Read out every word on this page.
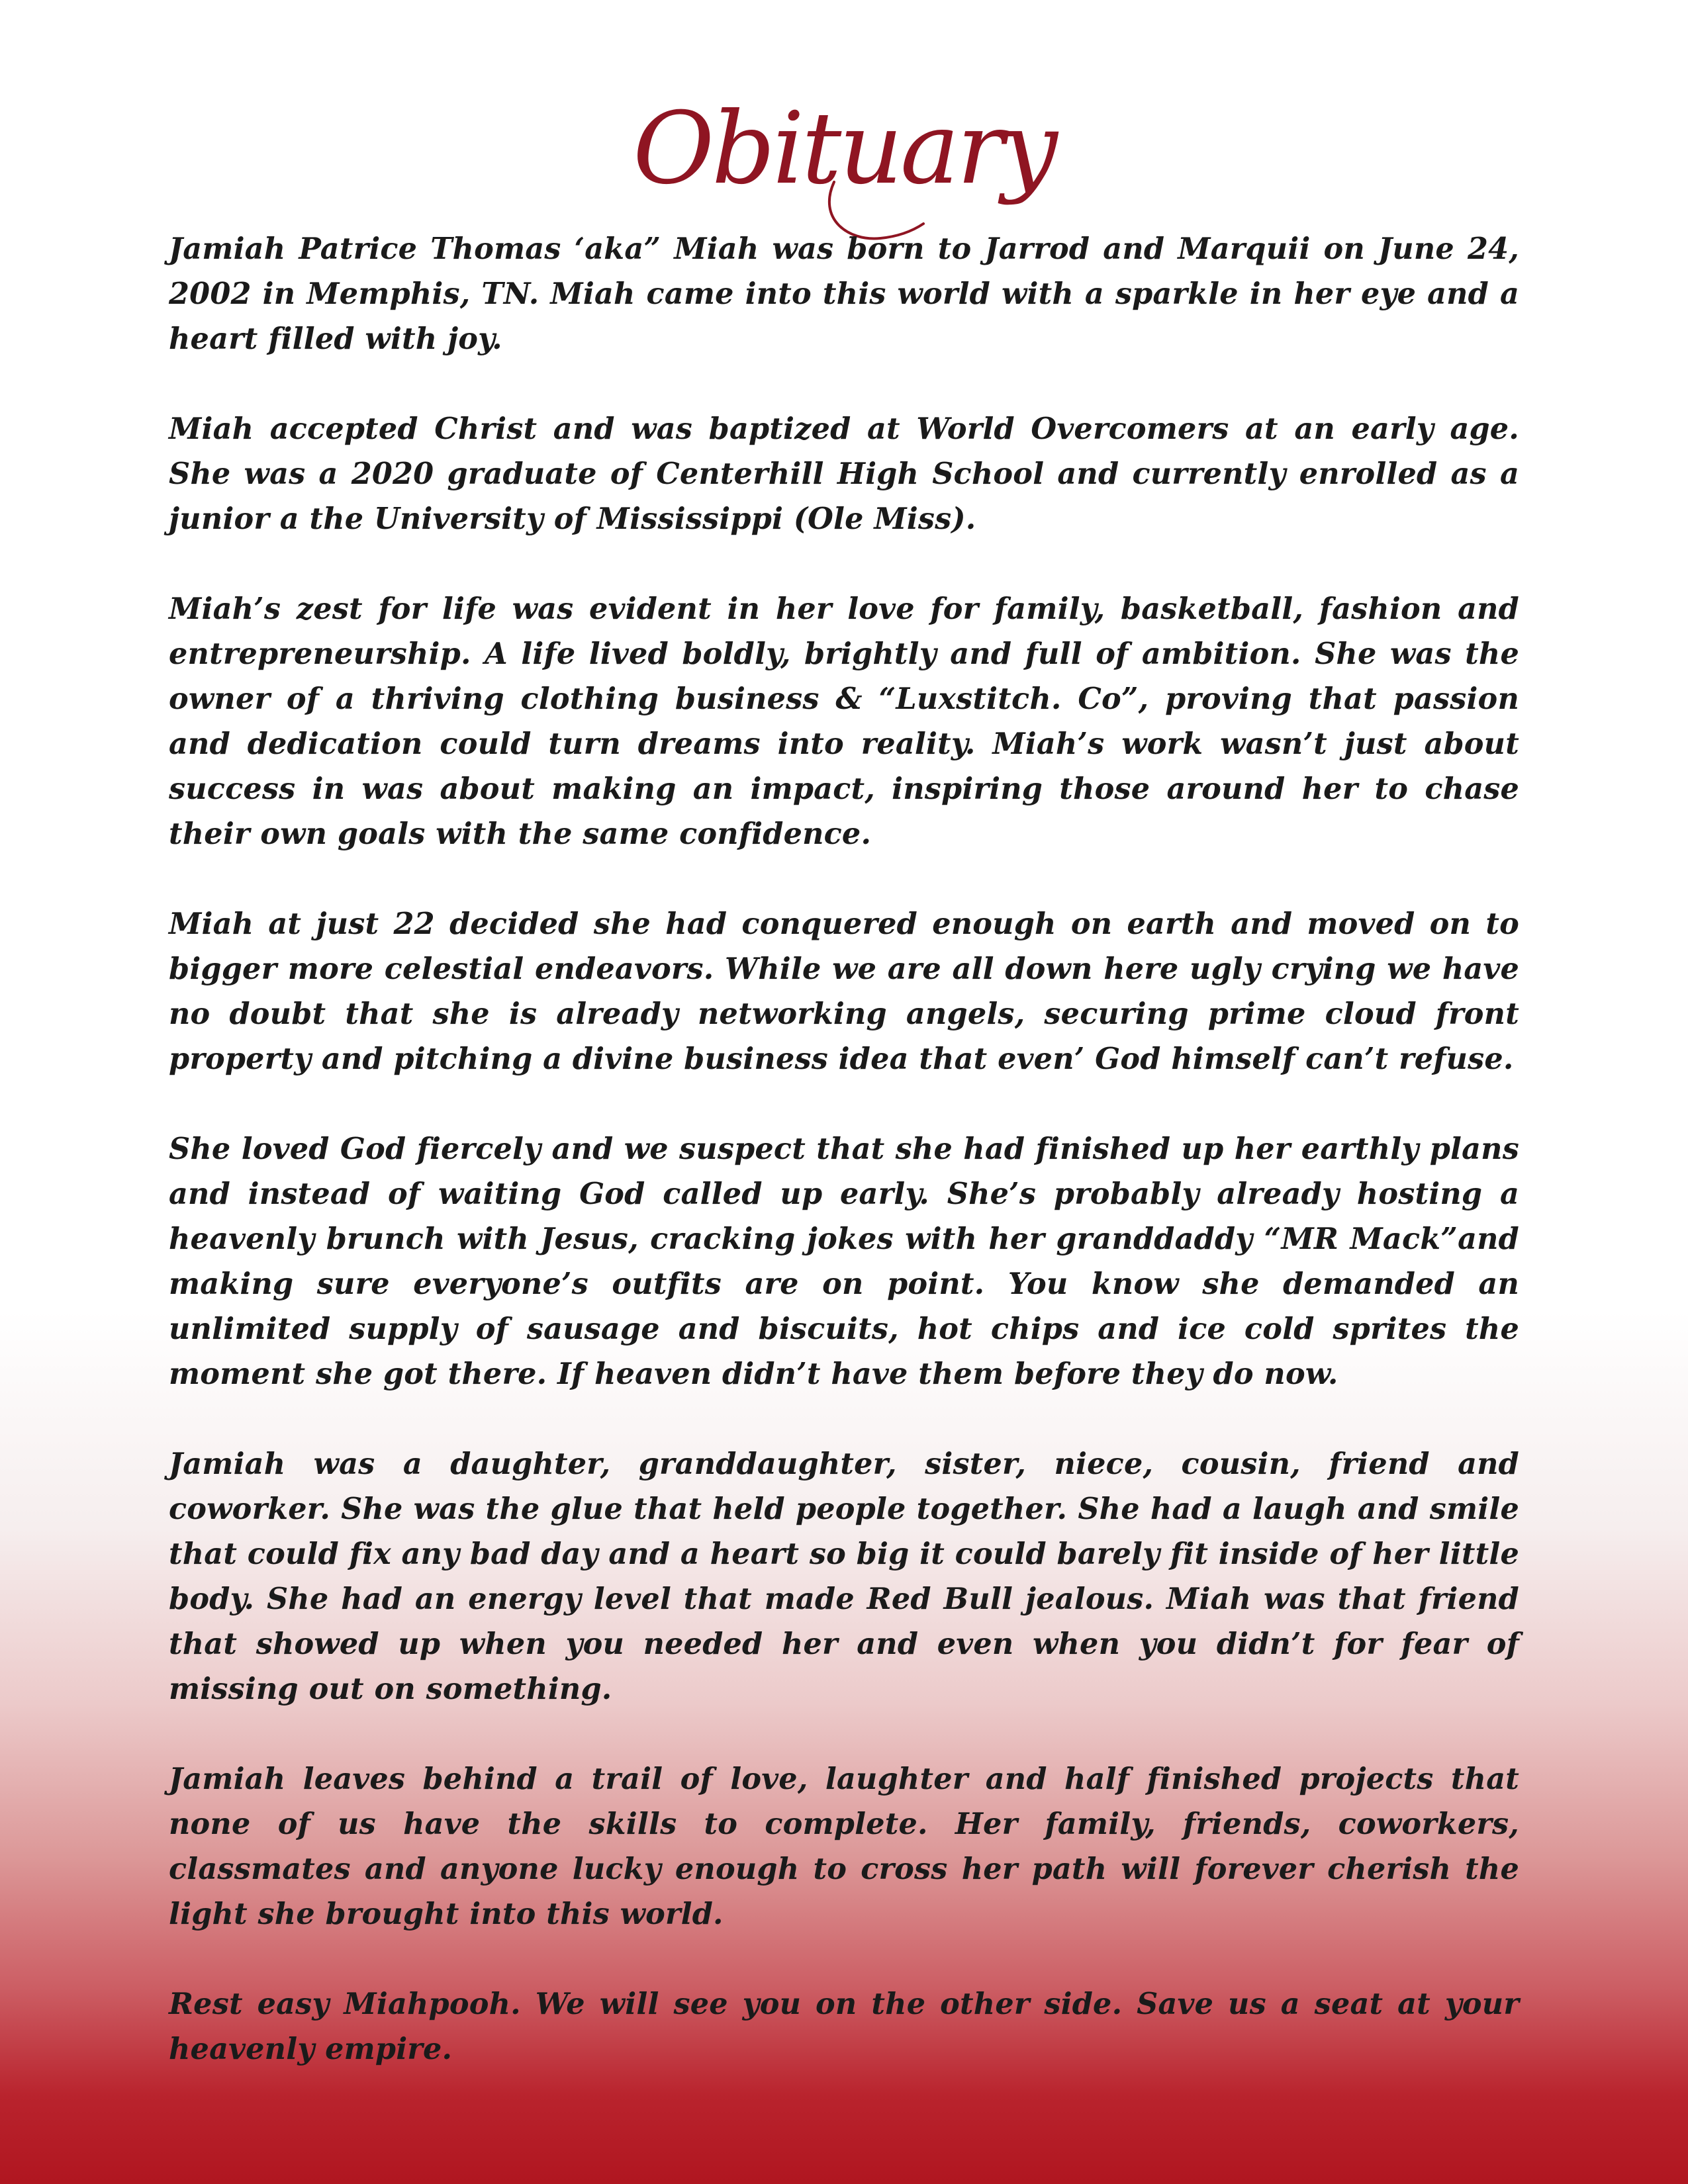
Obituary

Jamiah Patrice Thomas ‘aka” Miah was born to Jarrod and Marquii on June 24, 2002 in Memphis, TN. Miah came into this world with a sparkle in her eye and a heart filled with joy.

Miah accepted Christ and was baptized at World Overcomers at an early age. She was a 2020 graduate of Centerhill High School and currently enrolled as a junior a the University of Mississippi (Ole Miss).

Miah’s zest for life was evident in her love for family, basketball, fashion and entrepreneurship. A life lived boldly, brightly and full of ambition. She was the owner of a thriving clothing business & “Luxstitch. Co”, proving that passion and dedication could turn dreams into reality. Miah’s work wasn’t just about success in was about making an impact, inspiring those around her to chase their own goals with the same confidence.

Miah at just 22 decided she had conquered enough on earth and moved on to bigger more celestial endeavors. While we are all down here ugly crying we have no doubt that she is already networking angels, securing prime cloud front property and pitching a divine business idea that even’ God himself can’t refuse.

She loved God fiercely and we suspect that she had finished up her earthly plans and instead of waiting God called up early. She’s probably already hosting a heavenly brunch with Jesus, cracking jokes with her granddaddy “MR Mack”and making sure everyone’s outfits are on point. You know she demanded an unlimited supply of sausage and biscuits, hot chips and ice cold sprites the moment she got there. If heaven didn’t have them before they do now.

Jamiah was a daughter, granddaughter, sister, niece, cousin, friend and coworker. She was the glue that held people together. She had a laugh and smile that could fix any bad day and a heart so big it could barely fit inside of her little body. She had an energy level that made Red Bull jealous. Miah was that friend that showed up when you needed her and even when you didn’t for fear of missing out on something.

Jamiah leaves behind a trail of love, laughter and half finished projects that none of us have the skills to complete. Her family, friends, coworkers, classmates and anyone lucky enough to cross her path will forever cherish the light she brought into this world.

Rest easy Miahpooh. We will see you on the other side. Save us a seat at your heavenly empire.
